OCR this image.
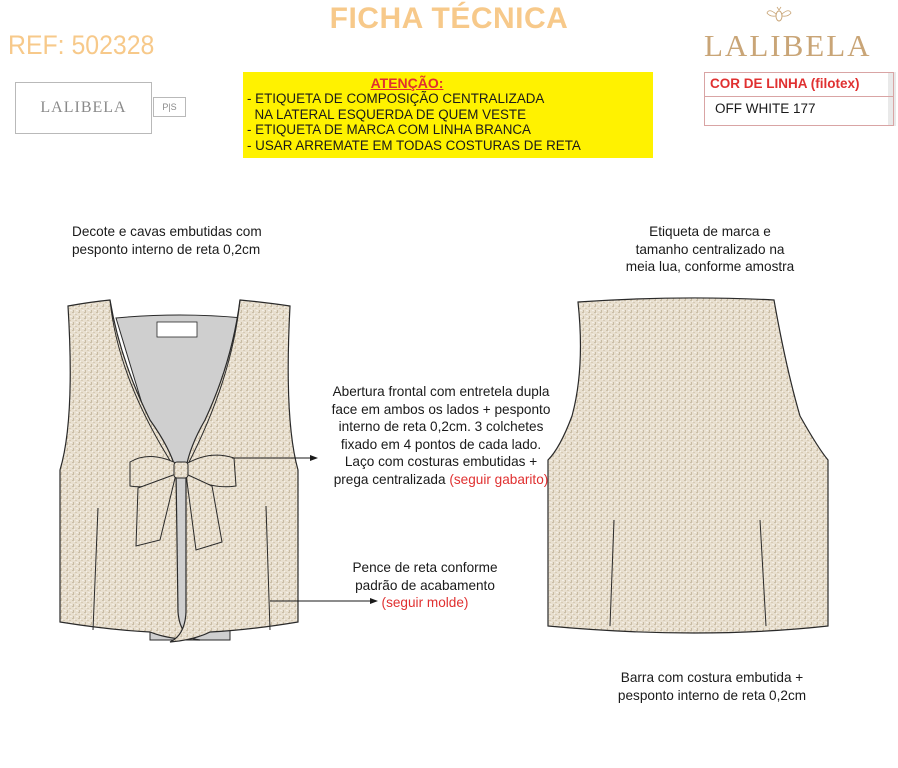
FICHA TÉCNICA
REF: 502328	LALIBELA
LALIBELA	P|S
ATENÇÃO:
- ETIQUETA DE COMPOSIÇÃO CENTRALIZADA
NA LATERAL ESQUERDA DE QUEM VESTE
- ETIQUETA DE MARCA COM LINHA BRANCA
- USAR ARREMATE EM TODAS COSTURAS DE RETA
COR DE LINHA (filotex)
OFF WHITE 177
Decote e cavas embutidas com
pesponto interno de reta 0,2cm
Etiqueta de marca e
tamanho centralizado na
meia lua, conforme amostra
Abertura frontal com entretela dupla
face em ambos os lados + pesponto
interno de reta 0,2cm. 3 colchetes
fixado em 4 pontos de cada lado.
Laço com costuras embutidas +
prega centralizada (seguir gabarito)
Pence de reta conforme
padrão de acabamento
(seguir molde)
Barra com costura embutida +
pesponto interno de reta 0,2cm
